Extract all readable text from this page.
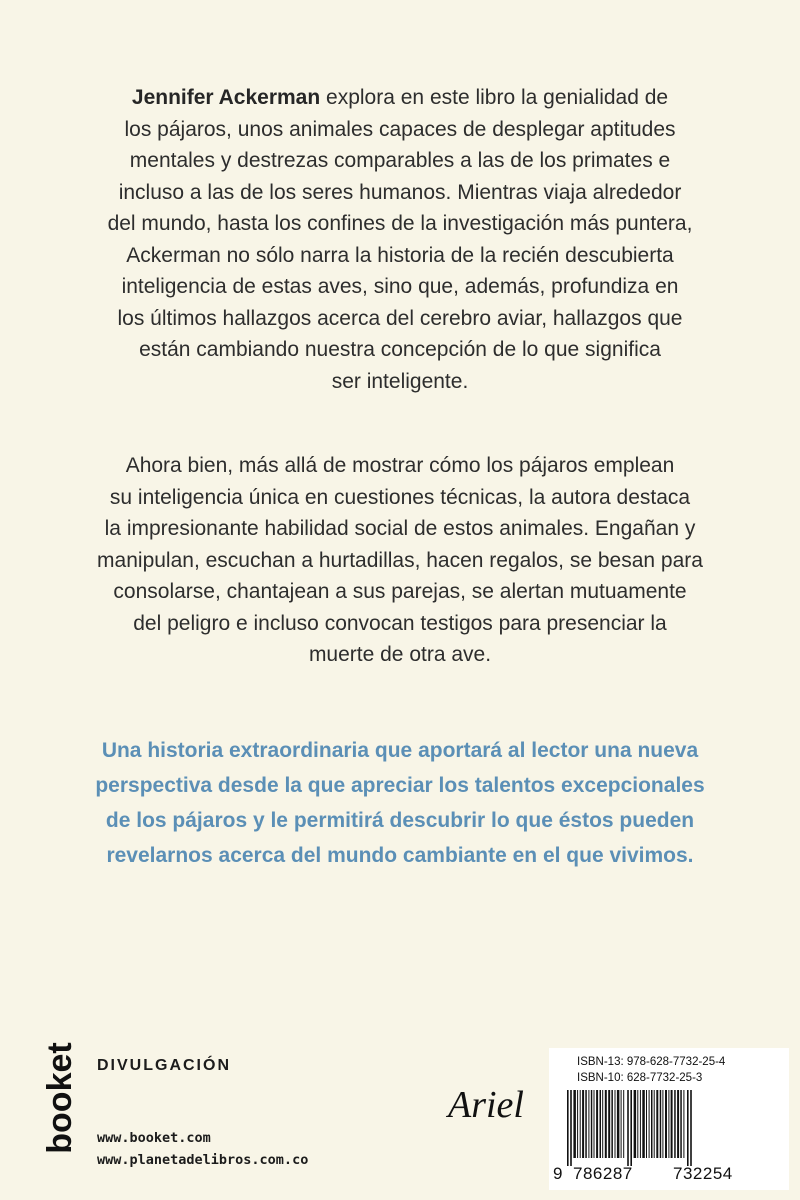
Jennifer Ackerman explora en este libro la genialidad de
los pájaros, unos animales capaces de desplegar aptitudes
mentales y destrezas comparables a las de los primates e
incluso a las de los seres humanos. Mientras viaja alrededor
del mundo, hasta los confines de la investigación más puntera,
Ackerman no sólo narra la historia de la recién descubierta
inteligencia de estas aves, sino que, además, profundiza en
los últimos hallazgos acerca del cerebro aviar, hallazgos que
están cambiando nuestra concepción de lo que significa
ser inteligente.

Ahora bien, más allá de mostrar cómo los pájaros emplean
su inteligencia única en cuestiones técnicas, la autora destaca
la impresionante habilidad social de estos animales. Engañan y
manipulan, escuchan a hurtadillas, hacen regalos, se besan para
consolarse, chantajean a sus parejas, se alertan mutuamente
del peligro e incluso convocan testigos para presenciar la
muerte de otra ave.

Una historia extraordinaria que aportará al lector una nueva
perspectiva desde la que apreciar los talentos excepcionales
de los pájaros y le permitirá descubrir lo que éstos pueden
revelarnos acerca del mundo cambiante en el que vivimos.

booket DIVULGACIÓN
www.booket.com
www.planetadelibros.com.co
Ariel
ISBN-13: 978-628-7732-25-4
ISBN-10: 628-7732-25-3
9 786287 732254
